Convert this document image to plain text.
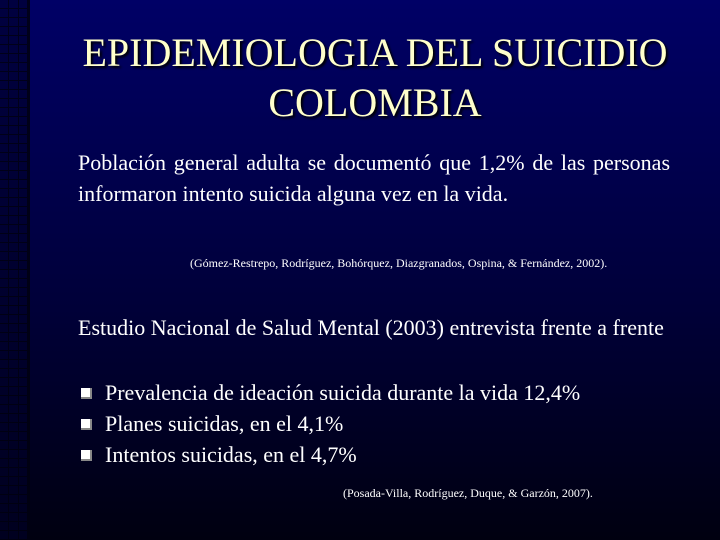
EPIDEMIOLOGIA DEL SUICIDIO
COLOMBIA
Población general adulta se documentó que 1,2% de las personas informaron intento suicida alguna vez en la vida.
(Gómez-Restrepo, Rodríguez, Bohórquez, Diazgranados, Ospina, & Fernández, 2002).
Estudio Nacional de Salud Mental (2003) entrevista frente a frente
Prevalencia de ideación suicida durante la vida 12,4%
Planes suicidas, en el 4,1%
Intentos suicidas, en el 4,7%
(Posada-Villa, Rodríguez, Duque, & Garzón, 2007).
